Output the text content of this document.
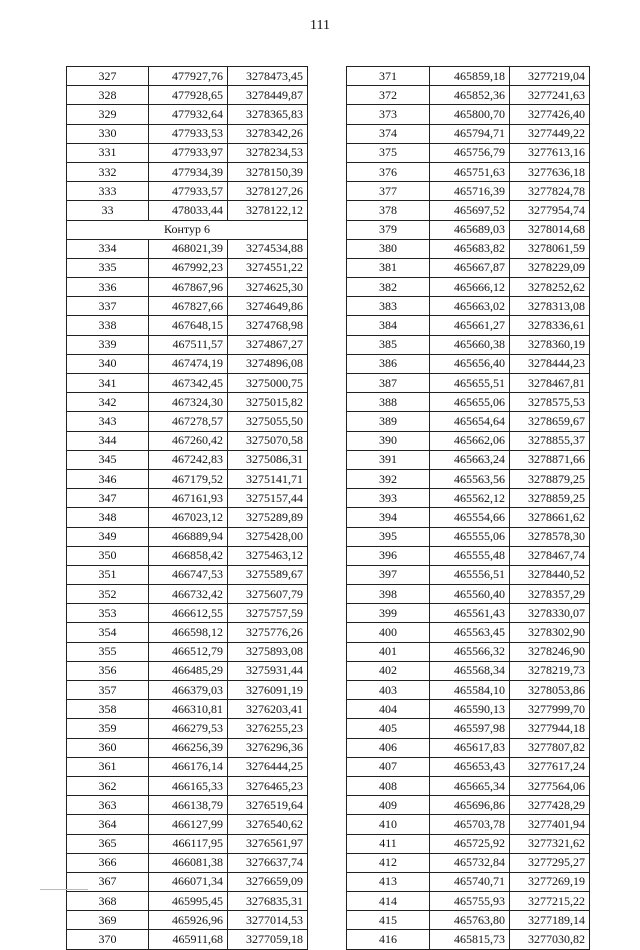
111
327	477927,76	3278473,45
328	477928,65	3278449,87
329	477932,64	3278365,83
330	477933,53	3278342,26
331	477933,97	3278234,53
332	477934,39	3278150,39
333	477933,57	3278127,26
33	478033,44	3278122,12
Контур 6		
334	468021,39	3274534,88
335	467992,23	3274551,22
336	467867,96	3274625,30
337	467827,66	3274649,86
338	467648,15	3274768,98
339	467511,57	3274867,27
340	467474,19	3274896,08
341	467342,45	3275000,75
342	467324,30	3275015,82
343	467278,57	3275055,50
344	467260,42	3275070,58
345	467242,83	3275086,31
346	467179,52	3275141,71
347	467161,93	3275157,44
348	467023,12	3275289,89
349	466889,94	3275428,00
350	466858,42	3275463,12
351	466747,53	3275589,67
352	466732,42	3275607,79
353	466612,55	3275757,59
354	466598,12	3275776,26
355	466512,79	3275893,08
356	466485,29	3275931,44
357	466379,03	3276091,19
358	466310,81	3276203,41
359	466279,53	3276255,23
360	466256,39	3276296,36
361	466176,14	3276444,25
362	466165,33	3276465,23
363	466138,79	3276519,64
364	466127,99	3276540,62
365	466117,95	3276561,97
366	466081,38	3276637,74
367	466071,34	3276659,09
368	465995,45	3276835,31
369	465926,96	3277014,53
370	465911,68	3277059,18
371	465859,18	3277219,04
372	465852,36	3277241,63
373	465800,70	3277426,40
374	465794,71	3277449,22
375	465756,79	3277613,16
376	465751,63	3277636,18
377	465716,39	3277824,78
378	465697,52	3277954,74
379	465689,03	3278014,68
380	465683,82	3278061,59
381	465667,87	3278229,09
382	465666,12	3278252,62
383	465663,02	3278313,08
384	465661,27	3278336,61
385	465660,38	3278360,19
386	465656,40	3278444,23
387	465655,51	3278467,81
388	465655,06	3278575,53
389	465654,64	3278659,67
390	465662,06	3278855,37
391	465663,24	3278871,66
392	465563,56	3278879,25
393	465562,12	3278859,25
394	465554,66	3278661,62
395	465555,06	3278578,30
396	465555,48	3278467,74
397	465556,51	3278440,52
398	465560,40	3278357,29
399	465561,43	3278330,07
400	465563,45	3278302,90
401	465566,32	3278246,90
402	465568,34	3278219,73
403	465584,10	3278053,86
404	465590,13	3277999,70
405	465597,98	3277944,18
406	465617,83	3277807,82
407	465653,43	3277617,24
408	465665,34	3277564,06
409	465696,86	3277428,29
410	465703,78	3277401,94
411	465725,92	3277321,62
412	465732,84	3277295,27
413	465740,71	3277269,19
414	465755,93	3277215,22
415	465763,80	3277189,14
416	465815,73	3277030,82
